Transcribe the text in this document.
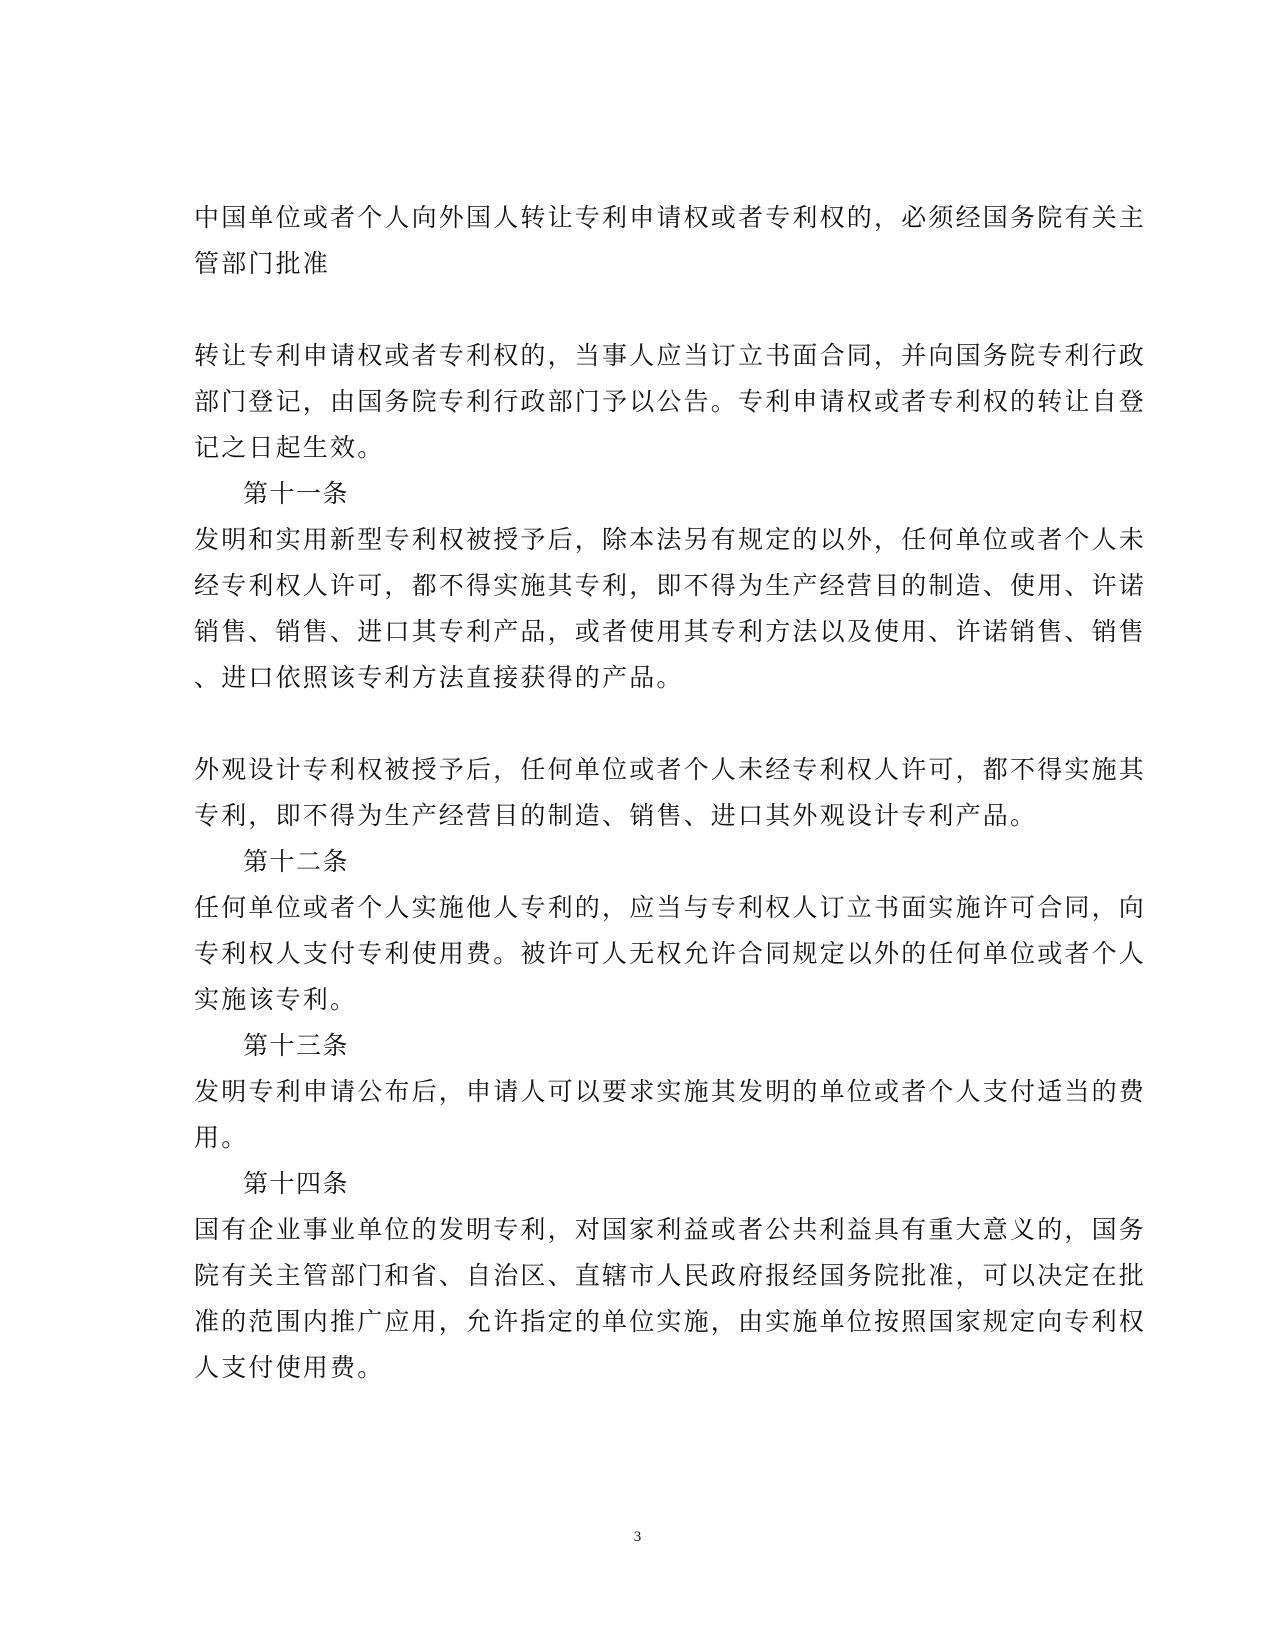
中国单位或者个人向外国人转让专利申请权或者专利权的，必须经国务院有关主
管部门批准
转让专利申请权或者专利权的，当事人应当订立书面合同，并向国务院专利行政
部门登记，由国务院专利行政部门予以公告。专利申请权或者专利权的转让自登
记之日起生效。
第十一条
发明和实用新型专利权被授予后，除本法另有规定的以外，任何单位或者个人未
经专利权人许可，都不得实施其专利，即不得为生产经营目的制造、使用、许诺
销售、销售、进口其专利产品，或者使用其专利方法以及使用、许诺销售、销售
、进口依照该专利方法直接获得的产品。
外观设计专利权被授予后，任何单位或者个人未经专利权人许可，都不得实施其
专利，即不得为生产经营目的制造、销售、进口其外观设计专利产品。
第十二条
任何单位或者个人实施他人专利的，应当与专利权人订立书面实施许可合同，向
专利权人支付专利使用费。被许可人无权允许合同规定以外的任何单位或者个人
实施该专利。
第十三条
发明专利申请公布后，申请人可以要求实施其发明的单位或者个人支付适当的费
用。
第十四条
国有企业事业单位的发明专利，对国家利益或者公共利益具有重大意义的，国务
院有关主管部门和省、自治区、直辖市人民政府报经国务院批准，可以决定在批
准的范围内推广应用，允许指定的单位实施，由实施单位按照国家规定向专利权
人支付使用费。
3
